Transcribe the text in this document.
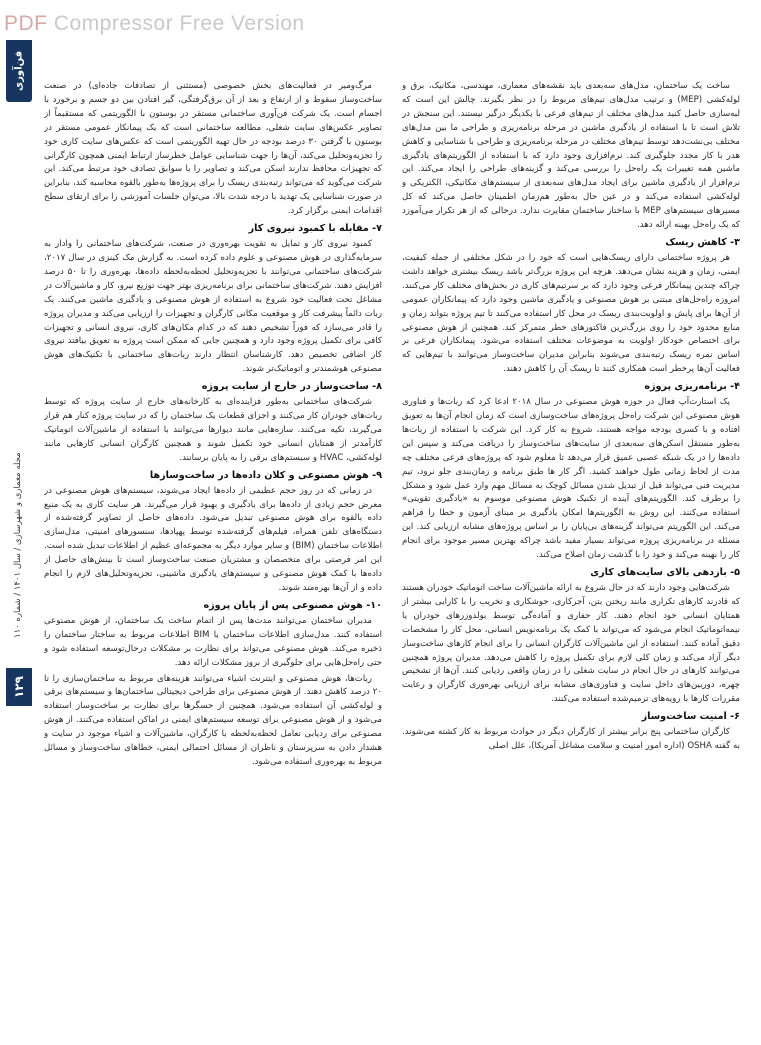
PDF Compressor Free Version
فن‌آوری
مجله معماری و شهرسازی / سال ۱۴۰۱ / شماره ۱۱۰
۱۲۹

ساخت یک ساختمان، مدل‌های سه‌بعدی باید نقشه‌های معماری، مهندسی، مکانیک، برق و لوله‌کشی (MEP) و ترتیب مدل‌های تیم‌های مربوط را در نظر بگیرند. چالش این است که لبه‌سازی حاصل کنید مدل‌های مختلف از تیم‌های فرعی با یکدیگر درگیر نیستند. این سنجش در تلاش است تا با استفاده از یادگیری ماشین در مرحله برنامه‌ریزی و طراحی ما بین مدل‌های مختلف بی‌نشت‌دهد توسط تیم‌های مختلف در مرحله برنامه‌ریزی و طراحی با شناسایی و کاهش هدر با کار مجدد جلوگیری کند. نرم‌افزاری وجود دارد که با استفاده از الگوریتم‌های یادگیری ماشین همه تغییرات یک راه‌حل را بررسی می‌کند و گزینه‌های طراحی را ایجاد می‌کند. این نرم‌افزار از یادگیری ماشین برای ایجاد مدل‌های سه‌بعدی از سیستم‌های مکانیکی، الکتریکی و لوله‌کشی استفاده می‌کند و در عین حال به‌طور هم‌زمان اطمینان حاصل می‌کند که کل مسیرهای سیستم‌های MEP با ساختار ساختمان مقایرت ندارد. درحالی که از هر تکرار می‌آموزد که یک راه‌حل بهینه ارائه دهد.

۳- کاهش ریسک

هر پروژه ساختمانی دارای ریسک‌هایی است که خود را در شکل مختلفی از جمله کیفیت، ایمنی، زمان و هزینه نشان می‌دهد. هرچه این پروژه بزرگ‌تر باشد ریسک بیشتری خواهد داشت چراکه چندین پیمانکار فرعی وجود دارد که بر سرتیم‌های کاری در بخش‌های مختلف کار می‌کنند. امروزه راه‌حل‌های مبتنی بر هوش مصنوعی و یادگیری ماشین وجود دارد که پیمانکاران عمومی از آن‌ها برای پایش و اولویت‌بندی ریسک در محل کار استفاده می‌کنند تا تیم پروژه بتواند زمان و منابع محدود خود را روی بزرگ‌ترین فاکتورهای خطر متمرکز کند. همچنین از هوش مصنوعی برای اختصاص خودکار اولویت به موضوعات مختلف استفاده می‌شود. پیمانکاران فرعی بر اساس نمره ریسک رتبه‌بندی می‌شوند بنابراین مدیران ساخت‌وساز می‌توانند با تیم‌هایی که فعالیت آن‌ها پرخطر است همکاری کنند تا ریسک آن را کاهش دهند.

۴- برنامه‌ریزی پروژه

یک استارت‌آپ فعال در حوزه هوش مصنوعی در سال ۲۰۱۸ ادعا کرد که ربات‌ها و فناوری هوش مصنوعی این شرکت راه‌حل پروژه‌های ساخت‌وسازی است که زمان انجام آن‌ها به تعویق افتاده و با کسری بودجه مواجه هستند، شروع به کار کرد. این شرکت با استفاده از ربات‌ها به‌طور مستقل اسکن‌های سه‌بعدی از سایت‌های ساخت‌وساز را دریافت می‌کند و سپس این داده‌ها را در یک شبکه عصبی عمیق قرار می‌دهد تا معلوم شود که پروژه‌های فرعی مختلف چه مدت از لحاظ زمانی طول خواهند کشید. اگر کار ها طبق برنامه و زمان‌بندی جلو نرود، تیم مدیریت فنی می‌تواند قبل از تبدیل شدن مسائل کوچک به مسائل مهم وارد عمل شود و مشکل را برطرف کند. الگوریتم‌های آینده از تکنیک هوش مصنوعی موسوم به «یادگیری تقویتی» استفاده می‌کنند. این روش به الگوریتم‌ها امکان یادگیری بر مبنای آزمون و خطا را فراهم می‌کند. این الگوریتم می‌تواند گزینه‌های بی‌پایان را بر اساس پروژه‌های مشابه ارزیابی کند. این مسئله در برنامه‌ریزی پروژه می‌تواند بسیار مفید باشد چراکه بهترین مسیر موجود برای انجام کار را بهینه می‌کند و خود را با گذشت زمان اصلاح می‌کند.

۵- بازدهی بالای سایت‌های کاری

شرکت‌هایی وجود دارند که در حال شروع به ارائه ماشین‌آلات ساخت اتوماتیک خودران هستند که قادرند کارهای تکراری مانند ریختن بتن، آجرکاری، جوشکاری و تخریب را با کارایی بیشتر از همتایان انسانی خود انجام دهند. کار حفاری و آماده‌گی توسط بولدوزرهای خودران یا نیمه‌اتوماتیک انجام می‌شود که می‌تواند با کمک یک برنامه‌نویس انسانی، محل کار را مشخصات دقیق آماده کنند. استفاده از این ماشین‌آلات کارگران انسانی را برای انجام کارهای ساخت‌وساز دیگر آزاد می‌کند و زمان کلی لازم برای تکمیل پروژه را کاهش می‌دهد. مدیران پروژه همچنین می‌توانند کارهای در حال انجام در سایت شغلی را در زمان واقعی ردیابی کنند. آن‌ها از تشخیص چهره، دوربین‌های داخل سایت و فناوری‌های مشابه برای ارزیابی بهره‌وری کارگران و رعایت مقررات کارها با رویه‌های ترمیم‌شده استفاده می‌کنند.

۶- امنیت ساخت‌وساز

کارگران ساختمانی پنج برابر بیشتر از کارگران دیگر در حوادث مربوط به کار کشته می‌شوند. به گفته OSHA (اداره امور امنیت و سلامت مشاغل آمریکا)، علل اصلی

مرگ‌ومیر در فعالیت‌های بخش خصوصی (مستثنی از تصادفات جاده‌ای) در صنعت ساخت‌وساز سقوط و از ارتفاع و بعد از آن برق‌گرفتگی، گیر افتادن بین دو جسم و برخورد با اجسام است. یک شرکت فن‌آوری ساختمانی مستقر در بوستون با الگوریتمی که مستقیماً از تصاویر عکس‌های سایت شغلی، مطالعه ساختمانی است که یک پیمانکار عمومی مستقر در بوستون با گرفتن ۳۰ درصد بودجه در حال تهیه الگوریتمی است که عکس‌های سایت کاری خود را تجزیه‌وتحلیل می‌کند، آن‌ها را جهت شناسایی عوامل خطرساز ارتباط ایمنی همچون کارگرانی که تجهیزات محافظ ندارند اسکن می‌کند و تصاویر را با سوابق تصادف خود مرتبط می‌کند. این شرکت می‌گوید که می‌تواند رتبه‌بندی ریسک را برای پروژه‌ها به‌طور بالقوه محاسبه کند، بنابراین در صورت شناسایی یک تهدید با درجه شدت بالا، می‌توان جلسات آموزشی را برای ارتقای سطح اقدامات ایمنی برگزار کرد.

۷- مقابله با کمبود نیروی کار

کمبود نیروی کار و تمایل به تقویت بهره‌وری در صنعت، شرکت‌های ساختمانی را وادار به سرمایه‌گذاری در هوش مصنوعی و علوم داده کرده است. به گزارش مک کینزی در سال ۲۰۱۷، شرکت‌های ساختمانی می‌توانند با تجزیه‌وتحلیل لحظه‌به‌لحظه داده‌ها، بهره‌وری را تا ۵۰ درصد افزایش دهند. شرکت‌های ساختمانی برای برنامه‌ریزی بهتر جهت توزیع نیرو، کار و ماشین‌آلات در مشاغل تحت فعالیت خود شروع به استفاده از هوش مصنوعی و یادگیری ماشین می‌کنند. یک ربات دائماً پیشرفت کار و موقعیت مکانی کارگران و تجهیزات را ارزیابی می‌کند و مدیران پروژه را قادر می‌سازد که فوراً تشخیص دهند که در کدام مکان‌های کاری، نیروی انسانی و تجهیزات کافی برای تکمیل پروژه وجود دارد و همچنین جایی که ممکن است پروژه به تعویق بیافتد نیروی کار اضافی تخصیص دهد. کارشناسان انتظار دارند ربات‌های ساختمانی با تکنیک‌های هوش مصنوعی هوشمندتر و اتوماتیک‌تر شوند.

۸- ساخت‌وساز در خارج از سایت پروژه

شرکت‌های ساختمانی به‌طور فزاینده‌ای به کارخانه‌های خارج از سایت پروژه که توسط ربات‌های خودران کار می‌کنند و اجزای قطعات یک ساختمان را که در سایت پروژه کنار هم قرار می‌گیرند، تکیه می‌کنند. سازه‌هایی مانند دیوارها می‌توانند با استفاده از ماشین‌آلات اتوماتیک کارآمدتر از همتایان انسانی خود تکمیل شوند و همچنین کارگران انسانی کارهایی مانند لوله‌کشی، HVAC و سیستم‌های برقی را به پایان برسانند.

۹- هوش مصنوعی و کلان داده‌ها در ساخت‌وسازها

در زمانی که در روز حجم عظیمی از داده‌ها ایجاد می‌شوند، سیستم‌های هوش مصنوعی در معرض حجم زیادی از داده‌ها برای یادگیری و بهبود قرار می‌گیرند. هر سایت کاری به یک منبع داده بالقوه برای هوش مصنوعی تبدیل می‌شود. داده‌های حاصل از تصاویر گرفته‌شده از دستگاه‌های تلفن همراه، فیلم‌های گرفته‌شده توسط پهپادها، سنسورهای امنیتی، مدل‌سازی اطلاعات ساختمان (BIM) و سایر موارد دیگر به مجموعه‌ای عظیم از اطلاعات تبدیل شده است. این امر فرصتی برای متخصصان و مشتریان صنعت ساخت‌وساز است تا بینش‌های حاصل از داده‌ها با کمک هوش مصنوعی و سیستم‌های یادگیری ماشینی، تجزیه‌وتحلیل‌های لازم را انجام داده و از آن‌ها بهره‌مند شوند.

۱۰- هوش مصنوعی پس از پایان پروژه

مدیران ساختمان می‌توانند مدت‌ها پس از اتمام ساخت یک ساختمان، از هوش مصنوعی استفاده کنند. مدل‌سازی اطلاعات ساختمان یا BIM اطلاعات مربوط به ساختار ساختمان را ذخیره می‌کند. هوش مصنوعی می‌تواند برای نظارت بر مشکلات درحال‌توسعه استفاده شود و حتی راه‌حل‌هایی برای جلوگیری از بروز مشکلات ارائه دهد.

ربات‌ها، هوش مصنوعی و اینترنت اشیاء می‌توانند هزینه‌های مربوط به ساختمان‌سازی را تا ۲۰ درصد کاهش دهند. از هوش مصنوعی برای طراحی دیجیتالی ساختمان‌ها و سیستم‌های برقی و لوله‌کشی آن استفاده می‌شود. همچنین از حسگرها برای نظارت بر ساخت‌وساز استفاده می‌شود و از هوش مصنوعی برای توسعه سیستم‌های ایمنی در اماکن استفاده می‌کنند. از هوش مصنوعی برای ردیابی تعامل لحظه‌به‌لحظه با کارگران، ماشین‌آلات و اشیاء موجود در سایت و هشدار دادن به سرپرستان و ناظران از مسائل احتمالی ایمنی، خطاهای ساخت‌وساز و مسائل مربوط به بهره‌وری استفاده می‌شود.
